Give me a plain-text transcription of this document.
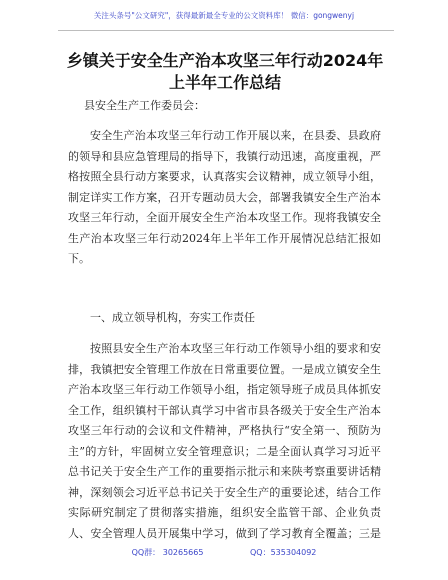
关注头条号"公文研究"，获得最新最全专业的公文资料库！ 微信：gongwenyj
乡镇关于安全生产治本攻坚三年行动2024年上半年工作总结
县安全生产工作委员会：
安全生产治本攻坚三年行动工作开展以来，在县委、县政府的领导和县应急管理局的指导下，我镇行动迅速，高度重视，严格按照全县行动方案要求，认真落实会议精神，成立领导小组，制定详实工作方案，召开专题动员大会，部署我镇安全生产治本攻坚三年行动，全面开展安全生产治本攻坚工作。现将我镇安全生产治本攻坚三年行动2024年上半年工作开展情况总结汇报如下。
一、成立领导机构，夯实工作责任
按照县安全生产治本攻坚三年行动工作领导小组的要求和安排，我镇把安全管理工作放在日常重要位置。一是成立镇安全生产治本攻坚三年行动工作领导小组，指定领导班子成员具体抓安全工作，组织镇村干部认真学习中省市县各级关于安全生产治本攻坚三年行动的会议和文件精神，严格执行“安全第一、预防为主”的方针，牢固树立安全管理意识；二是全面认真学习习近平总书记关于安全生产工作的重要指示批示和来陕考察重要讲话精神，深刻领会习近平总书记关于安全生产的重要论述，结合工作实际研究制定了贯彻落实措施，组织安全监管干部、企业负责人、安全管理人员开展集中学习，做到了学习教育全覆盖；三是
QQ群： 30265665	QQ：535304092
